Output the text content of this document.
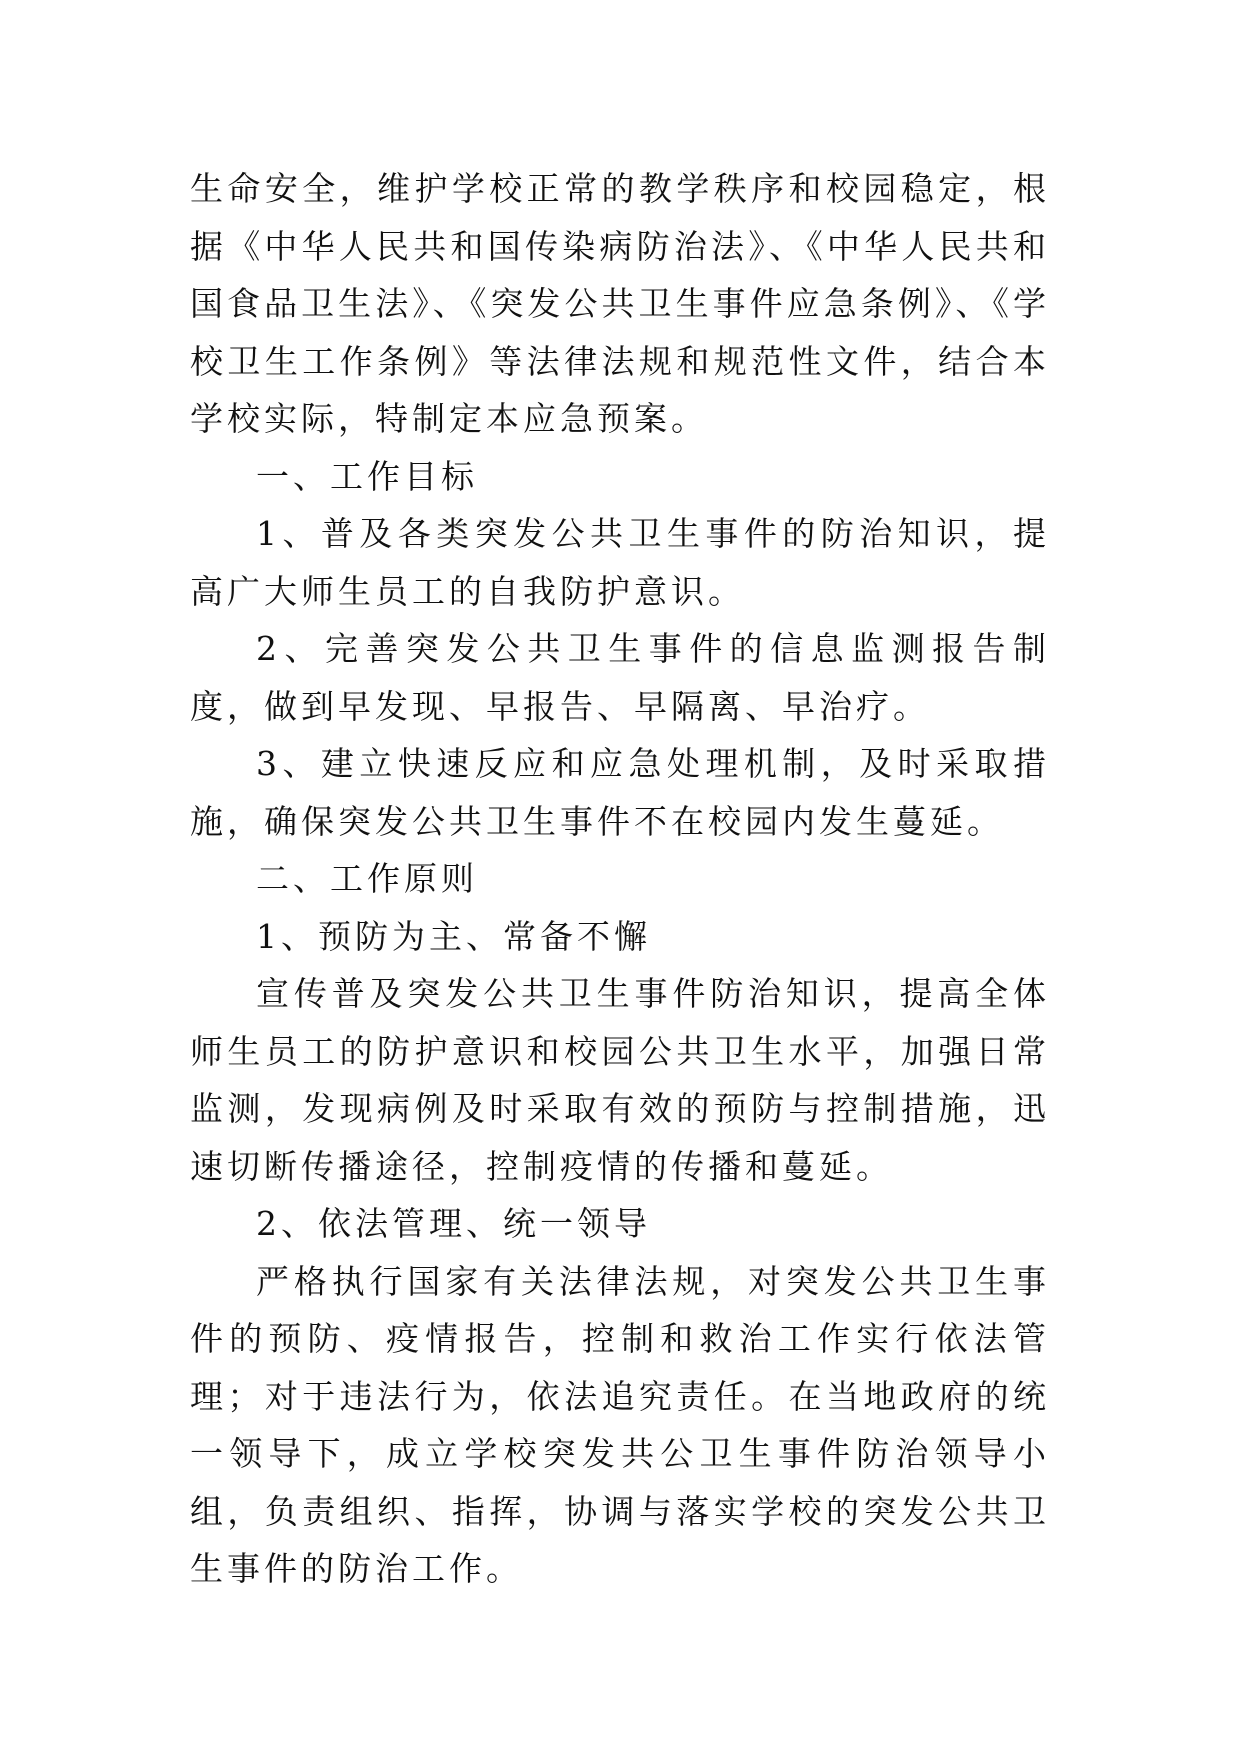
生命安全，维护学校正常的教学秩序和校园稳定，根据《中华人民共和国传染病防治法》、《中华人民共和国食品卫生法》、《突发公共卫生事件应急条例》、《学校卫生工作条例》等法律法规和规范性文件，结合本学校实际，特制定本应急预案。

一、工作目标

1、普及各类突发公共卫生事件的防治知识，提高广大师生员工的自我防护意识。

2、完善突发公共卫生事件的信息监测报告制度，做到早发现、早报告、早隔离、早治疗。

3、建立快速反应和应急处理机制，及时采取措施，确保突发公共卫生事件不在校园内发生蔓延。

二、工作原则

1、预防为主、常备不懈

宣传普及突发公共卫生事件防治知识，提高全体师生员工的防护意识和校园公共卫生水平，加强日常监测，发现病例及时采取有效的预防与控制措施，迅速切断传播途径，控制疫情的传播和蔓延。

2、依法管理、统一领导

严格执行国家有关法律法规，对突发公共卫生事件的预防、疫情报告，控制和救治工作实行依法管理；对于违法行为，依法追究责任。在当地政府的统一领导下，成立学校突发共公卫生事件防治领导小组，负责组织、指挥，协调与落实学校的突发公共卫生事件的防治工作。
